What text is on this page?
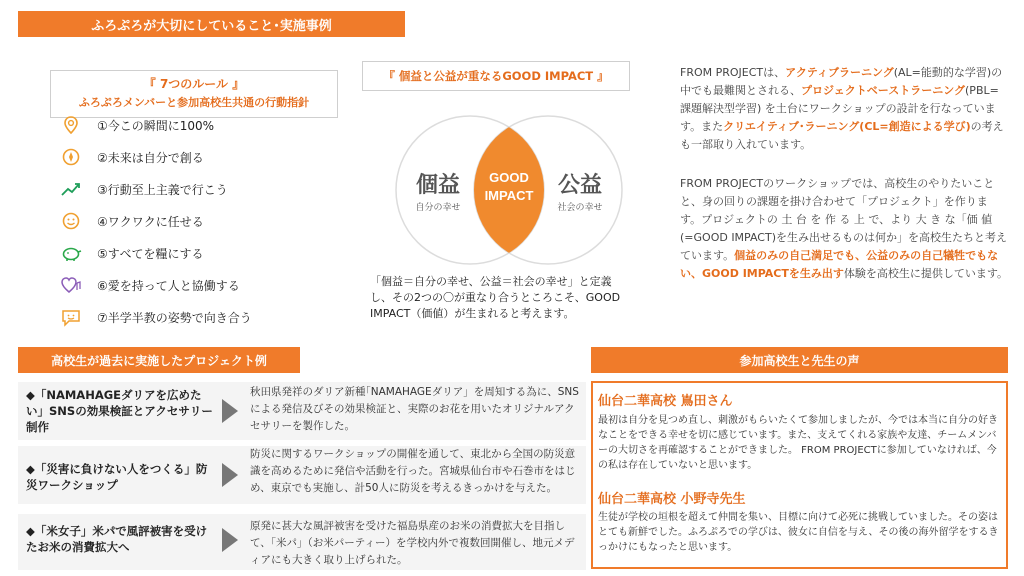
ふろぷろが大切にしていること･実施事例
『 7つのルール 』
ふろぷろメンバーと参加高校生共通の行動指針
①今この瞬間に100%
②未来は自分で創る
③行動至上主義で行こう
④ワクワクに任せる
⑤すべてを糧にする
⑥愛を持って人と協働する
⑦半学半教の姿勢で向き合う
『 個益と公益が重なるGOOD IMPACT 』
個益
自分の幸せ
GOOD
IMPACT 公益
社会の幸せ
「個益＝自分の幸せ、公益＝社会の幸せ」と定義し、その2つの〇が重なり合うところこそ、GOOD IMPACT（価値）が生まれると考えます。
FROM PROJECTは、アクティブラーニング(AL=能動的な学習)の中でも最難関とされる、プロジェクトベーストラーニング(PBL=課題解決型学習) を土台にワークショップの設計を行なっています。またクリエイティブ･ラーニング(CL=創造による学び)の考えも一部取り入れています。
FROM PROJECTのワークショップでは、高校生のやりたいことと、身の回りの課題を掛け合わせて「プロジェクト」を作ります。プロジェクトの 土 台 を 作 る 上 で、より 大 き な「価 値 (=GOOD IMPACT)を生み出せるものは何か」を高校生たちと考えています。個益のみの自己満足でも、公益のみの自己犠牲でもない、GOOD IMPACTを生み出す体験を高校生に提供しています。
高校生が過去に実施したプロジェクト例
◆「NAMAHAGEダリアを広めたい」SNSの効果検証とアクセサリー制作
秋田県発祥のダリア新種｢NAMAHAGEダリア」を周知する為に、SNSによる発信及びその効果検証と、実際のお花を用いたオリジナルアクセサリーを製作した。
◆「災害に負けない人をつくる」防災ワークショップ
防災に関するワークショップの開催を通して、東北から全国の防災意識を高めるために発信や活動を行った。宮城県仙台市や石巻市をはじめ、東京でも実施し、計50人に防災を考えるきっかけを与えた。
◆「米女子」米パで風評被害を受けたお米の消費拡大へ
原発に甚大な風評被害を受けた福島県産のお米の消費拡大を目指して、「米パ」（お米パーティー）を学校内外で複数回開催し、地元メディアにも大きく取り上げられた。
参加高校生と先生の声
仙台二華高校 嶌田さん
最初は自分を見つめ直し、刺激がもらいたくて参加しましたが、今では本当に自分の好きなことをできる幸せを切に感じています。また、支えてくれる家族や友達、チームメンバーの大切さを再確認することができました。 FROM PROJECTに参加していなければ、今の私は存在していないと思います。
仙台二華高校 小野寺先生
生徒が学校の垣根を超えて仲間を集い、目標に向けて必死に挑戦していました。その姿はとても新鮮でした。ふろぷろでの学びは、彼女に自信を与え、その後の海外留学をするきっかけにもなったと思います。
